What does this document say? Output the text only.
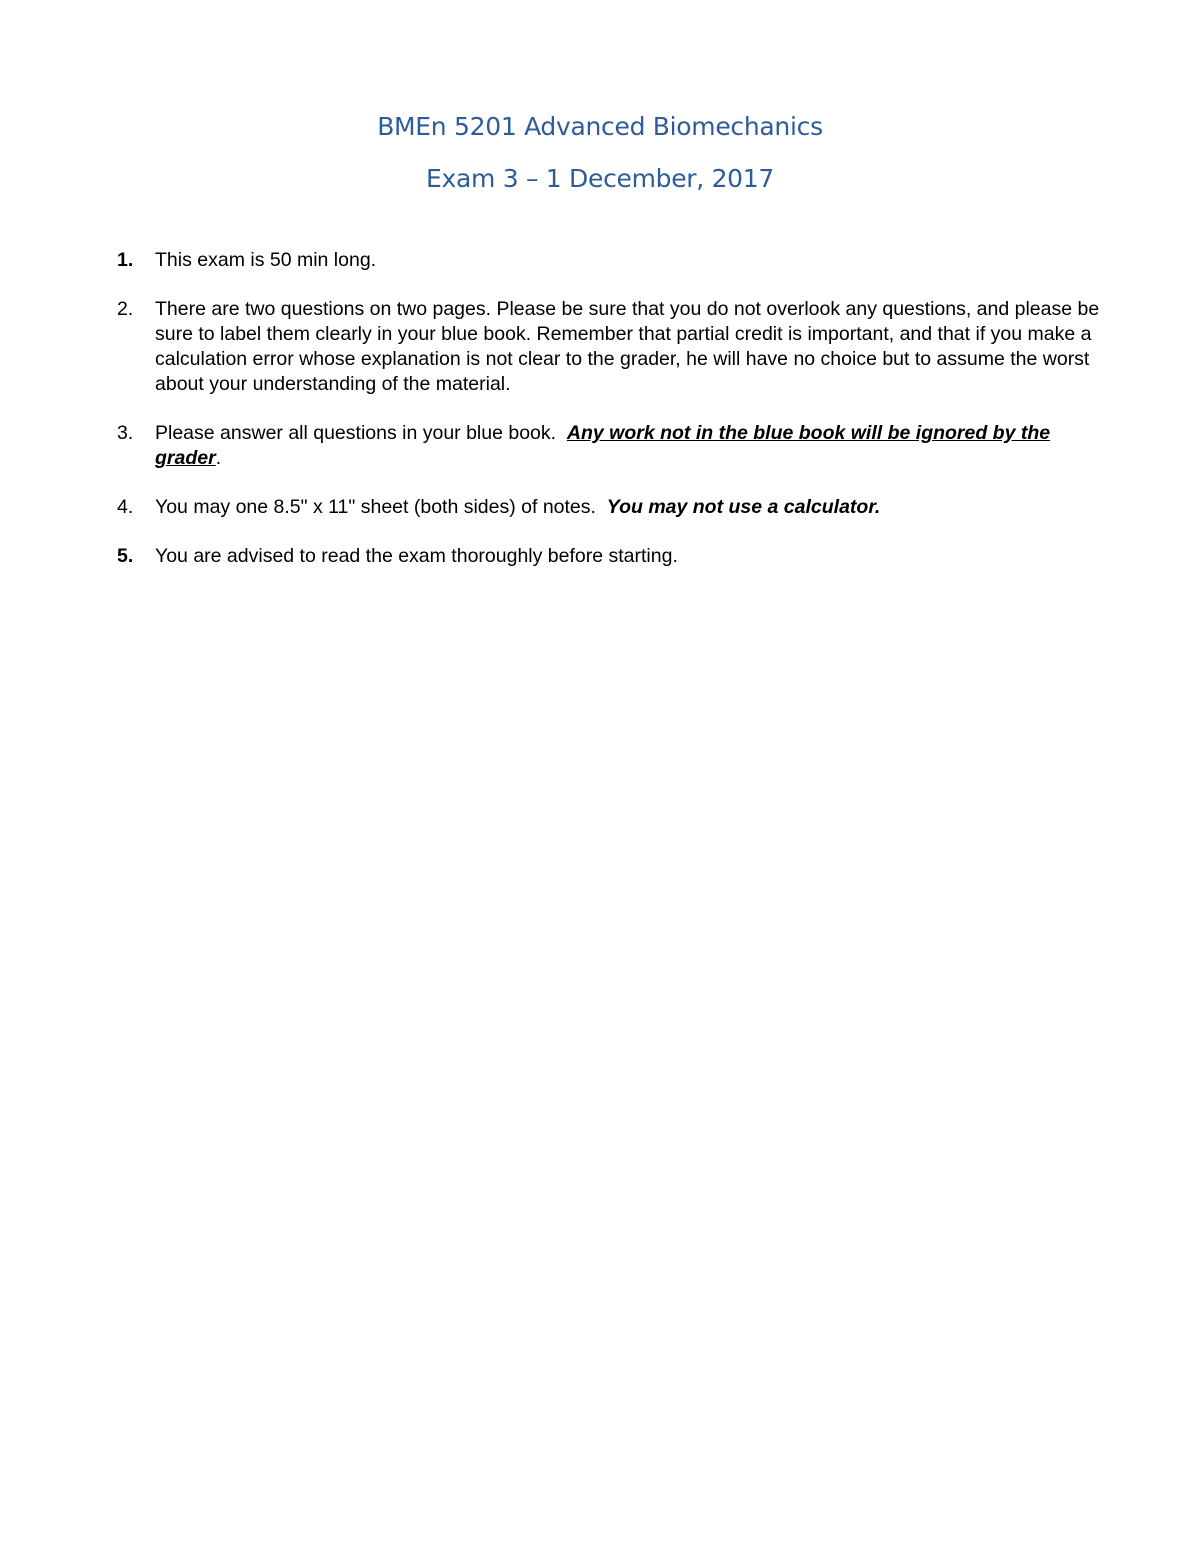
BMEn 5201 Advanced Biomechanics
Exam 3 – 1 December, 2017
1. This exam is 50 min long.
2. There are two questions on two pages. Please be sure that you do not overlook any questions, and please be sure to label them clearly in your blue book. Remember that partial credit is important, and that if you make a calculation error whose explanation is not clear to the grader, he will have no choice but to assume the worst about your understanding of the material.
3. Please answer all questions in your blue book. Any work not in the blue book will be ignored by the grader.
4. You may one 8.5" x 11" sheet (both sides) of notes. You may not use a calculator.
5. You are advised to read the exam thoroughly before starting.
